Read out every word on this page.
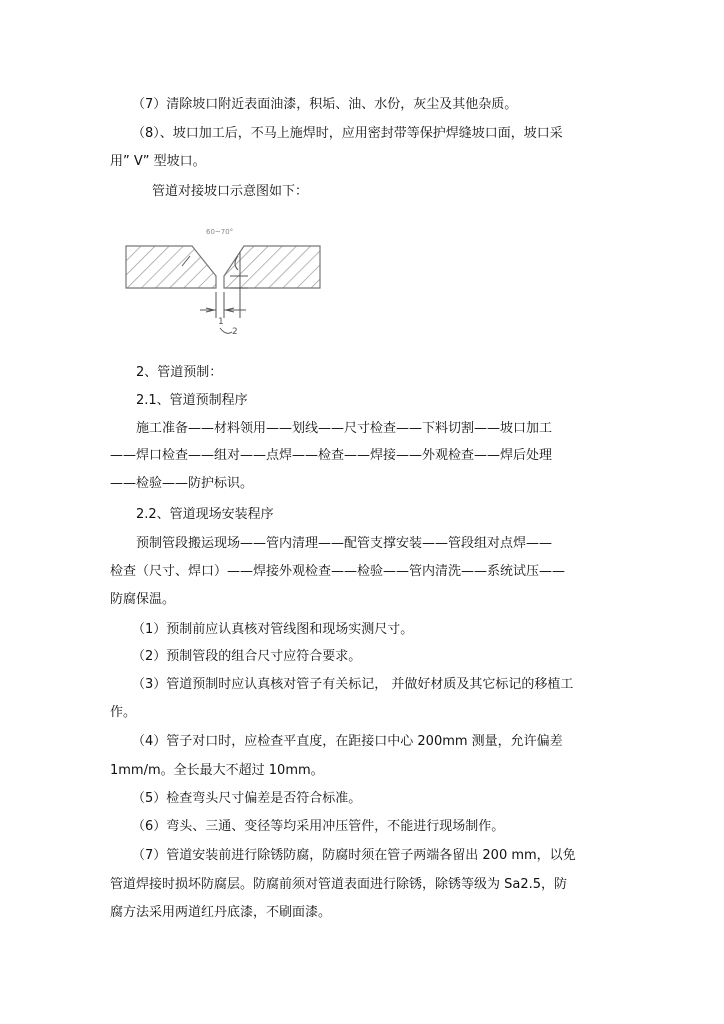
（7）清除坡口附近表面油漆，积垢、油、水份，灰尘及其他杂质。
（8）、坡口加工后，不马上施焊时，应用密封带等保护焊缝坡口面，坡口采
用” V” 型坡口。
管道对接坡口示意图如下：
60~70°
1
2
2、管道预制：
2.1、管道预制程序
施工准备——材料领用——划线——尺寸检查——下料切割——坡口加工
——焊口检查——组对——点焊——检查——焊接——外观检查——焊后处理
——检验——防护标识。
2.2、管道现场安装程序
预制管段搬运现场——管内清理——配管支撑安装——管段组对点焊——
检查（尺寸、焊口）——焊接外观检查——检验——管内清洗——系统试压——
防腐保温。
（1）预制前应认真核对管线图和现场实测尺寸。
（2）预制管段的组合尺寸应符合要求。
（3）管道预制时应认真核对管子有关标记， 并做好材质及其它标记的移植工
作。
（4）管子对口时，应检查平直度，在距接口中心 200mm 测量，允许偏差
1mm/m。全长最大不超过 10mm。
（5）检查弯头尺寸偏差是否符合标准。
（6）弯头、三通、变径等均采用冲压管件，不能进行现场制作。
（7）管道安装前进行除锈防腐，防腐时须在管子两端各留出 200 mm，以免
管道焊接时损坏防腐层。防腐前须对管道表面进行除锈，除锈等级为 Sa2.5，防
腐方法采用两道红丹底漆，不刷面漆。
